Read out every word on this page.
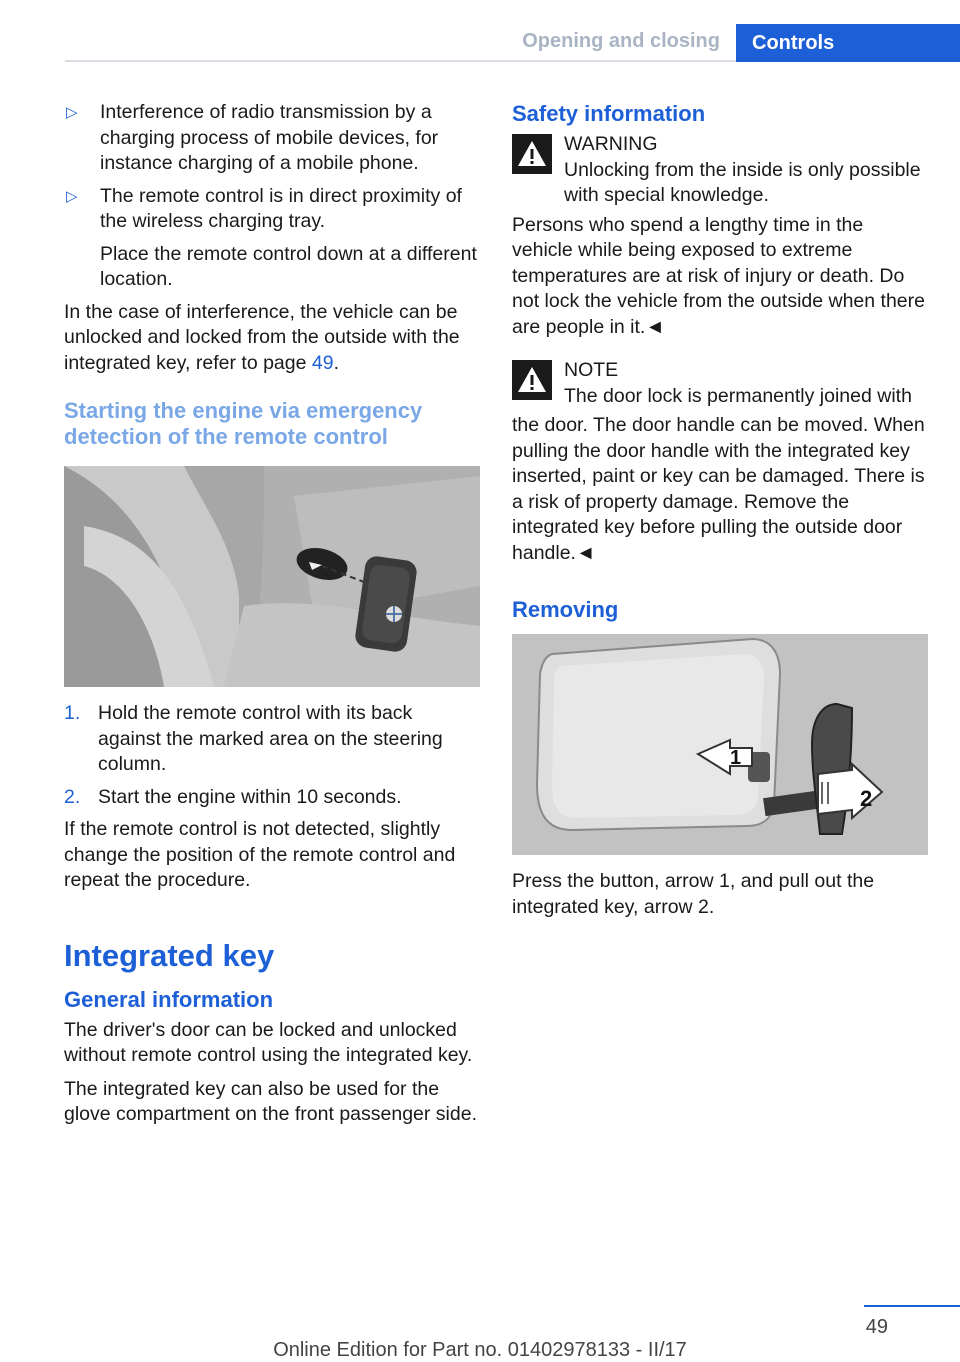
Opening and closing	Controls
▷	Interference of radio transmission by a charging process of mobile devices, for instance charging of a mobile phone.
▷	The remote control is in direct proximity of the wireless charging tray.
Place the remote control down at a different location.

In the case of interference, the vehicle can be unlocked and locked from the outside with the integrated key, refer to page 49.

Starting the engine via emergency detection of the remote control
1. Hold the remote control with its back against the marked area on the steering column.
2. Start the engine within 10 seconds.

If the remote control is not detected, slightly change the position of the remote control and repeat the procedure.

Integrated key
General information

The driver's door can be locked and unlocked without remote control using the integrated key.

The integrated key can also be used for the glove compartment on the front passenger side.

Safety information
WARNING
Unlocking from the inside is only possible with special knowledge.

Persons who spend a lengthy time in the vehicle while being exposed to extreme temperatures are at risk of injury or death. Do not lock the vehicle from the outside when there are people in it.◄

NOTE
The door lock is permanently joined with

the door. The door handle can be moved. When pulling the door handle with the integrated key inserted, paint or key can be damaged. There is a risk of property damage. Remove the integrated key before pulling the outside door handle.◄

Removing
1
2

Press the button, arrow 1, and pull out the integrated key, arrow 2.

49
Online Edition for Part no. 01402978133 - II/17
